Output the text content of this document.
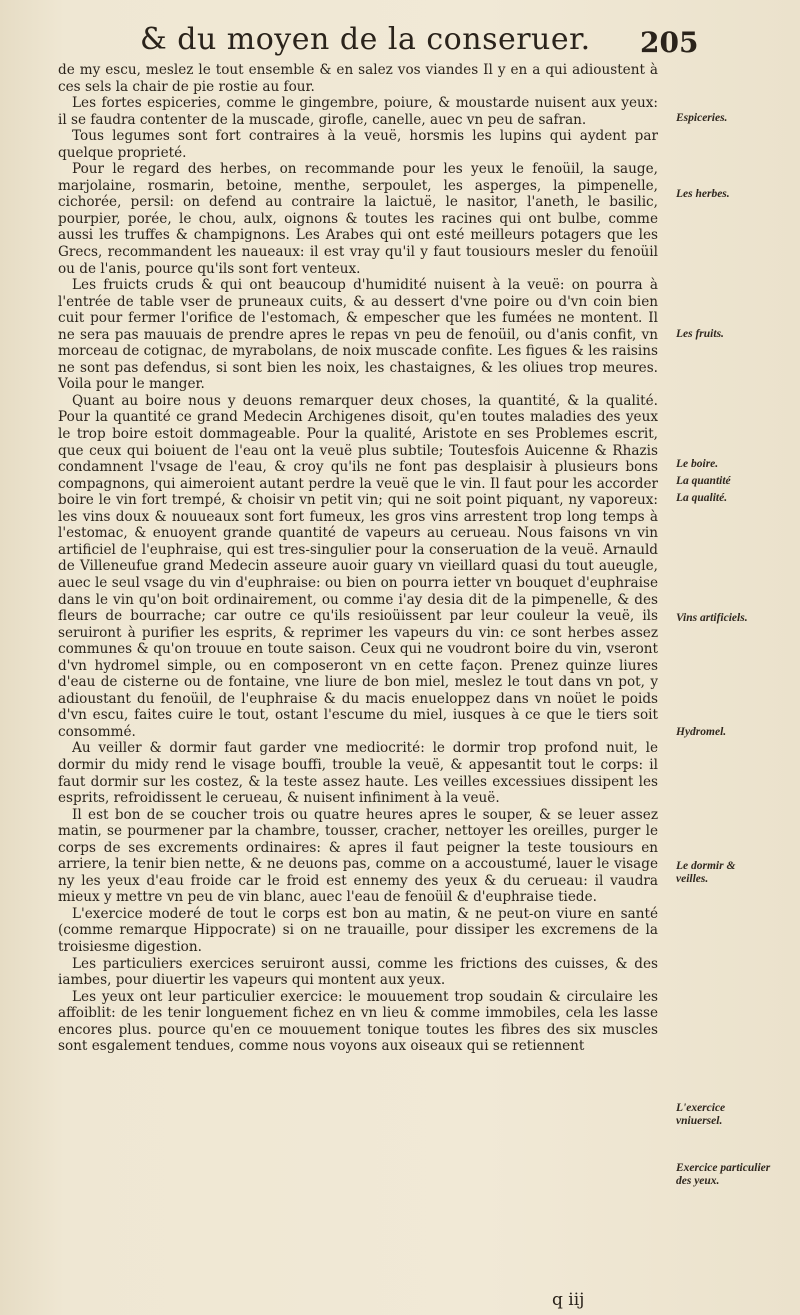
& du moyen de la conseruer. 205

de my escu, meslez le tout ensemble & en salez vos viandes Il y en a qui adioustent à ces sels la chair de pie rostie au four.

Les fortes espiceries, comme le gingembre, poiure, & moustarde nuisent aux yeux: il se faudra contenter de la muscade, girofle, canelle, auec vn peu de safran.

Tous legumes sont fort contraires à la veuë, horsmis les lupins qui aydent par quelque proprieté.

Pour le regard des herbes, on recommande pour les yeux le fenoüil, la sauge, marjolaine, rosmarin, betoine, menthe, serpoulet, les asperges, la pimpenelle, cichorée, persil: on defend au contraire la laictuë, le nasitor, l'aneth, le basilic, pourpier, porée, le chou, aulx, oignons & toutes les racines qui ont bulbe, comme aussi les truffes & champignons. Les Arabes qui ont esté meilleurs potagers que les Grecs, recommandent les naueaux: il est vray qu'il y faut tousiours mesler du fenoüil ou de l'anis, pource qu'ils sont fort venteux.

Les fruicts cruds & qui ont beaucoup d'humidité nuisent à la veuë: on pourra à l'entrée de table vser de pruneaux cuits, & au dessert d'vne poire ou d'vn coin bien cuit pour fermer l'orifice de l'estomach, & empescher que les fumées ne montent. Il ne sera pas mauuais de prendre apres le repas vn peu de fenoüil, ou d'anis confit, vn morceau de cotignac, de myrabolans, de noix muscade confite. Les figues & les raisins ne sont pas defendus, si sont bien les noix, les chastaignes, & les oliues trop meures. Voila pour le manger.

Quant au boire nous y deuons remarquer deux choses, la quantité, & la qualité. Pour la quantité ce grand Medecin Archigenes disoit, qu'en toutes maladies des yeux le trop boire estoit dommageable. Pour la qualité, Aristote en ses Problemes escrit, que ceux qui boiuent de l'eau ont la veuë plus subtile; Toutesfois Auicenne & Rhazis condamnent l'vsage de l'eau, & croy qu'ils ne font pas desplaisir à plusieurs bons compagnons, qui aimeroient autant perdre la veuë que le vin. Il faut pour les accorder boire le vin fort trempé, & choisir vn petit vin; qui ne soit point piquant, ny vaporeux: les vins doux & nouueaux sont fort fumeux, les gros vins arrestent trop long temps à l'estomac, & enuoyent grande quantité de vapeurs au cerueau. Nous faisons vn vin artificiel de l'euphraise, qui est tres-singulier pour la conseruation de la veuë. Arnauld de Villeneufue grand Medecin asseure auoir guary vn vieillard quasi du tout aueugle, auec le seul vsage du vin d'euphraise: ou bien on pourra ietter vn bouquet d'euphraise dans le vin qu'on boit ordinairement, ou comme i'ay desia dit de la pimpenelle, & des fleurs de bourrache; car outre ce qu'ils resioüissent par leur couleur la veuë, ils seruiront à purifier les esprits, & reprimer les vapeurs du vin: ce sont herbes assez communes & qu'on trouue en toute saison. Ceux qui ne voudront boire du vin, vseront d'vn hydromel simple, ou en composeront vn en cette façon. Prenez quinze liures d'eau de cisterne ou de fontaine, vne liure de bon miel, meslez le tout dans vn pot, y adioustant du fenoüil, de l'euphraise & du macis enueloppez dans vn noüet le poids d'vn escu, faites cuire le tout, ostant l'escume du miel, iusques à ce que le tiers soit consommé.

Au veiller & dormir faut garder vne mediocrité: le dormir trop profond nuit, le dormir du midy rend le visage bouffi, trouble la veuë, & appesantit tout le corps: il faut dormir sur les costez, & la teste assez haute. Les veilles excessiues dissipent les esprits, refroidissent le cerueau, & nuisent infiniment à la veuë.

Il est bon de se coucher trois ou quatre heures apres le souper, & se leuer assez matin, se pourmener par la chambre, tousser, cracher, nettoyer les oreilles, purger le corps de ses excrements ordinaires: & apres il faut peigner la teste tousiours en arriere, la tenir bien nette, & ne deuons pas, comme on a accoustumé, lauer le visage ny les yeux d'eau froide car le froid est ennemy des yeux & du cerueau: il vaudra mieux y mettre vn peu de vin blanc, auec l'eau de fenoüil & d'euphraise tiede.

L'exercice moderé de tout le corps est bon au matin, & ne peut-on viure en santé (comme remarque Hippocrate) si on ne trauaille, pour dissiper les excremens de la troisiesme digestion.

Les particuliers exercices seruiront aussi, comme les frictions des cuisses, & des iambes, pour diuertir les vapeurs qui montent aux yeux.

Les yeux ont leur particulier exercice: le mouuement trop soudain & circulaire les affoiblit: de les tenir longuement fichez en vn lieu & comme immobiles, cela les lasse encores plus. pource qu'en ce mouuement tonique toutes les fibres des six muscles sont esgalement tendues, comme nous voyons aux oiseaux qui se retiennent

Espiceries.
Les herbes.
Les fruits.
Le boire.
La quantité
La qualité.
Vins artificiels.
Hydromel.
Le dormir & veilles.
L'exercice vniuersel.
Exercice particulier des yeux.
q iij
